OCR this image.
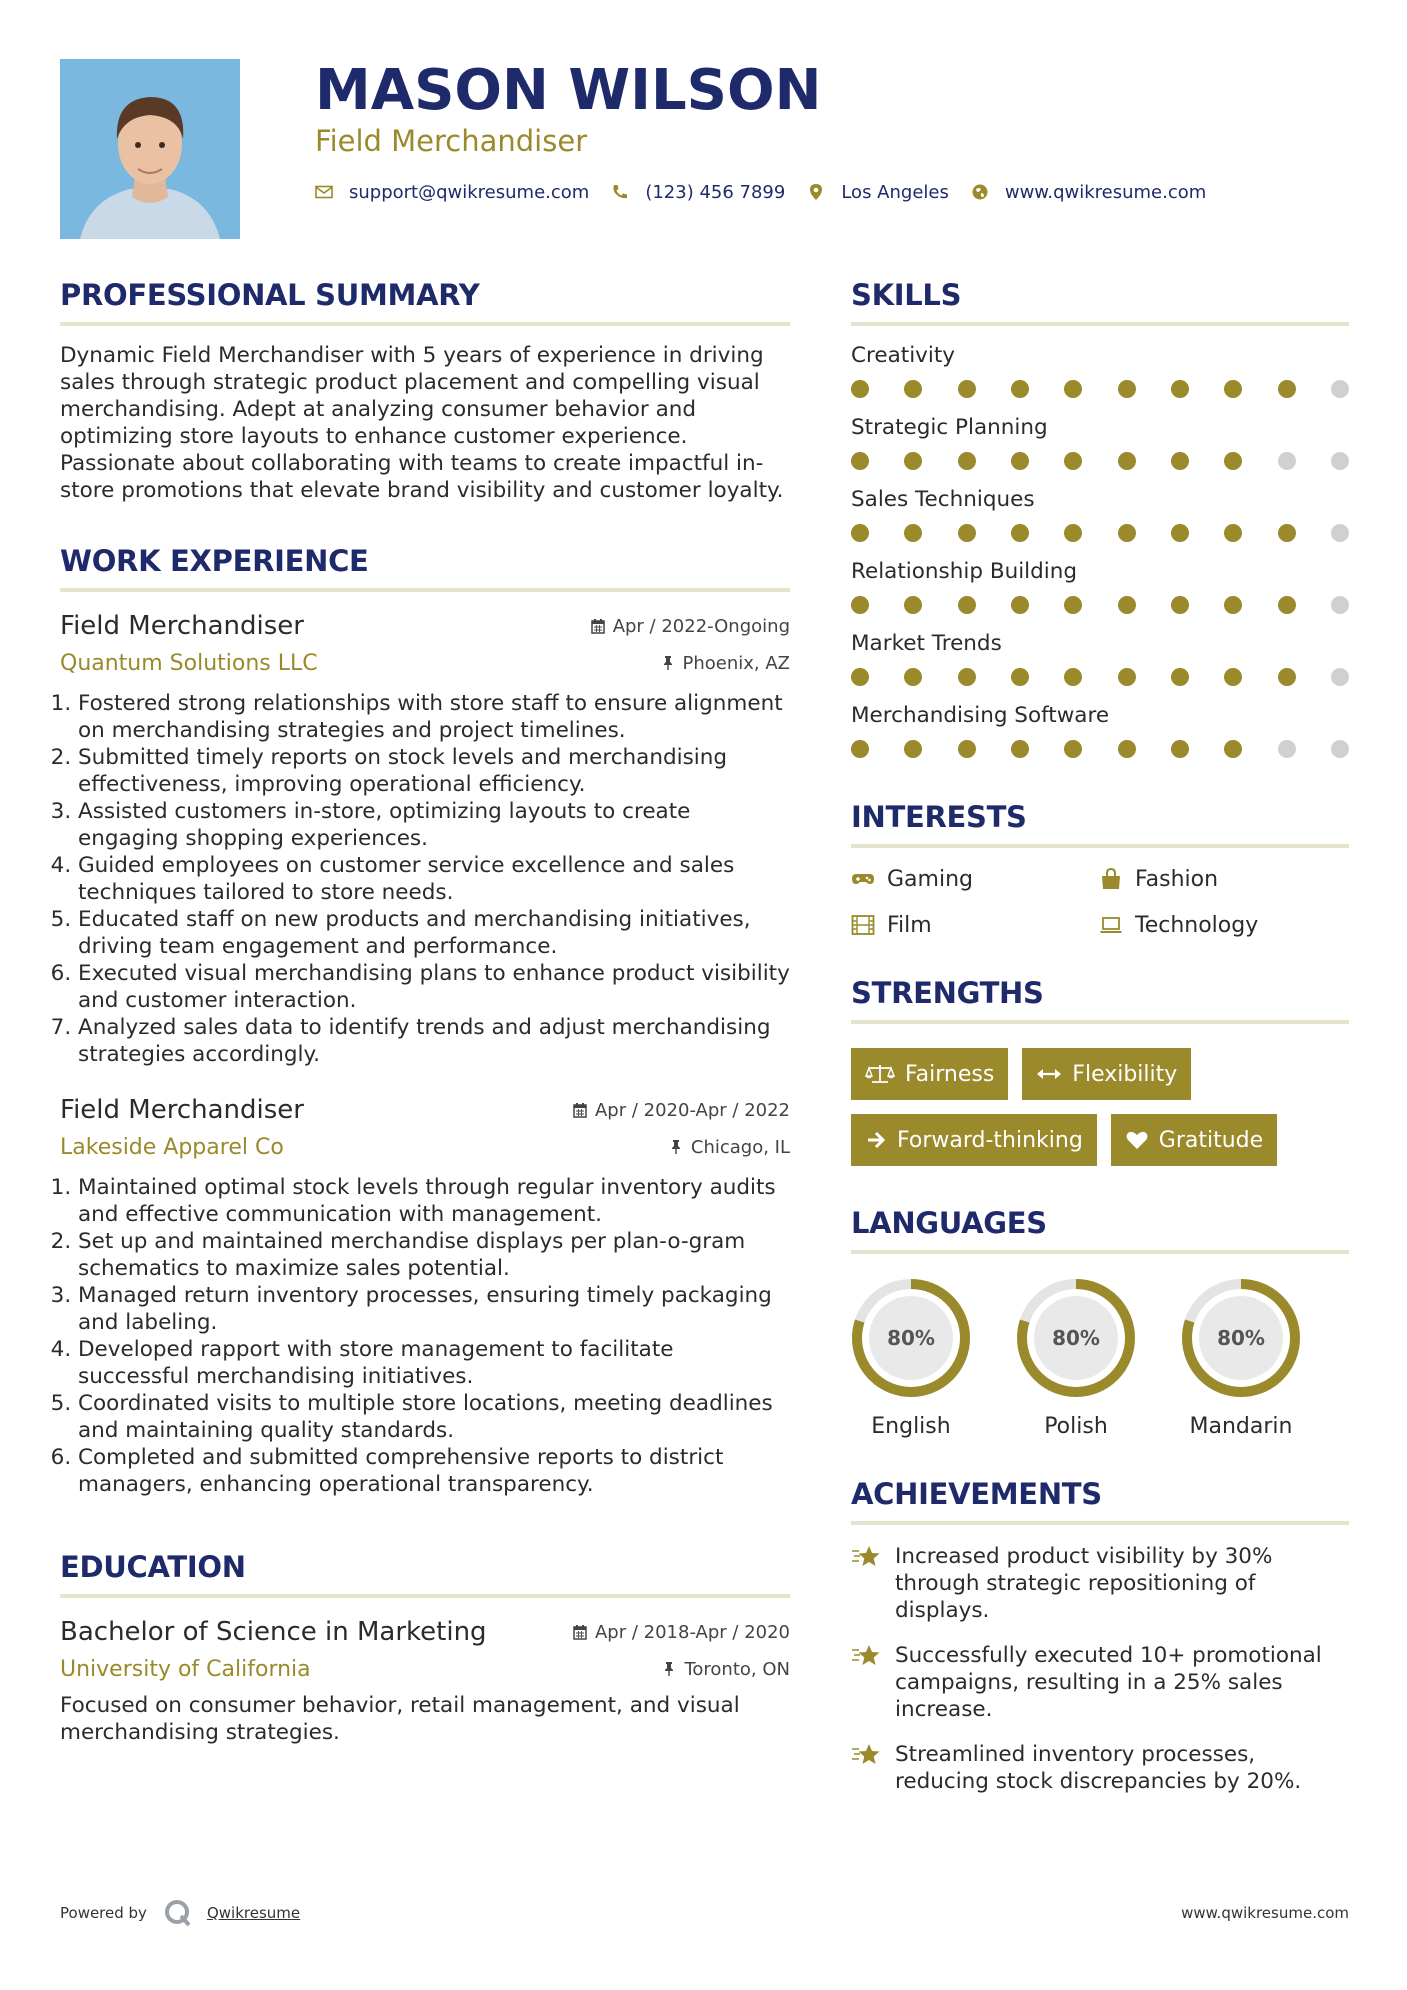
MASON WILSON
Field Merchandiser
support@qwikresume.com	(123) 456 7899	Los Angeles	www.qwikresume.com
PROFESSIONAL SUMMARY

Dynamic Field Merchandiser with 5 years of experience in driving sales through strategic product placement and compelling visual merchandising. Adept at analyzing consumer behavior and optimizing store layouts to enhance customer experience. Passionate about collaborating with teams to create impactful in-store promotions that elevate brand visibility and customer loyalty.

WORK EXPERIENCE
Field Merchandiser	Apr / 2022-Ongoing
Quantum Solutions LLC	Phoenix, AZ
1. Fostered strong relationships with store staff to ensure alignment on merchandising strategies and project timelines.
2. Submitted timely reports on stock levels and merchandising effectiveness, improving operational efficiency.
3. Assisted customers in-store, optimizing layouts to create engaging shopping experiences.
4. Guided employees on customer service excellence and sales techniques tailored to store needs.
5. Educated staff on new products and merchandising initiatives, driving team engagement and performance.
6. Executed visual merchandising plans to enhance product visibility and customer interaction.
7. Analyzed sales data to identify trends and adjust merchandising strategies accordingly.
Field Merchandiser	Apr / 2020-Apr / 2022
Lakeside Apparel Co	Chicago, IL
1. Maintained optimal stock levels through regular inventory audits and effective communication with management.
2. Set up and maintained merchandise displays per plan-o-gram schematics to maximize sales potential.
3. Managed return inventory processes, ensuring timely packaging and labeling.
4. Developed rapport with store management to facilitate successful merchandising initiatives.
5. Coordinated visits to multiple store locations, meeting deadlines and maintaining quality standards.
6. Completed and submitted comprehensive reports to district managers, enhancing operational transparency.
EDUCATION
Bachelor of Science in Marketing	Apr / 2018-Apr / 2020
University of California	Toronto, ON

Focused on consumer behavior, retail management, and visual merchandising strategies.

SKILLS
Creativity
Strategic Planning
Sales Techniques
Relationship Building
Market Trends
Merchandising Software
INTERESTS
Gaming	Fashion
Film	Technology
STRENGTHS
Fairness	Flexibility
Forward-thinking	Gratitude
LANGUAGES
80%
English
80%
Polish
80%
Mandarin
ACHIEVEMENTS
Increased product visibility by 30% through strategic repositioning of displays.
Successfully executed 10+ promotional campaigns, resulting in a 25% sales increase.
Streamlined inventory processes, reducing stock discrepancies by 20%.
Powered by	Qwikresume	www.qwikresume.com
